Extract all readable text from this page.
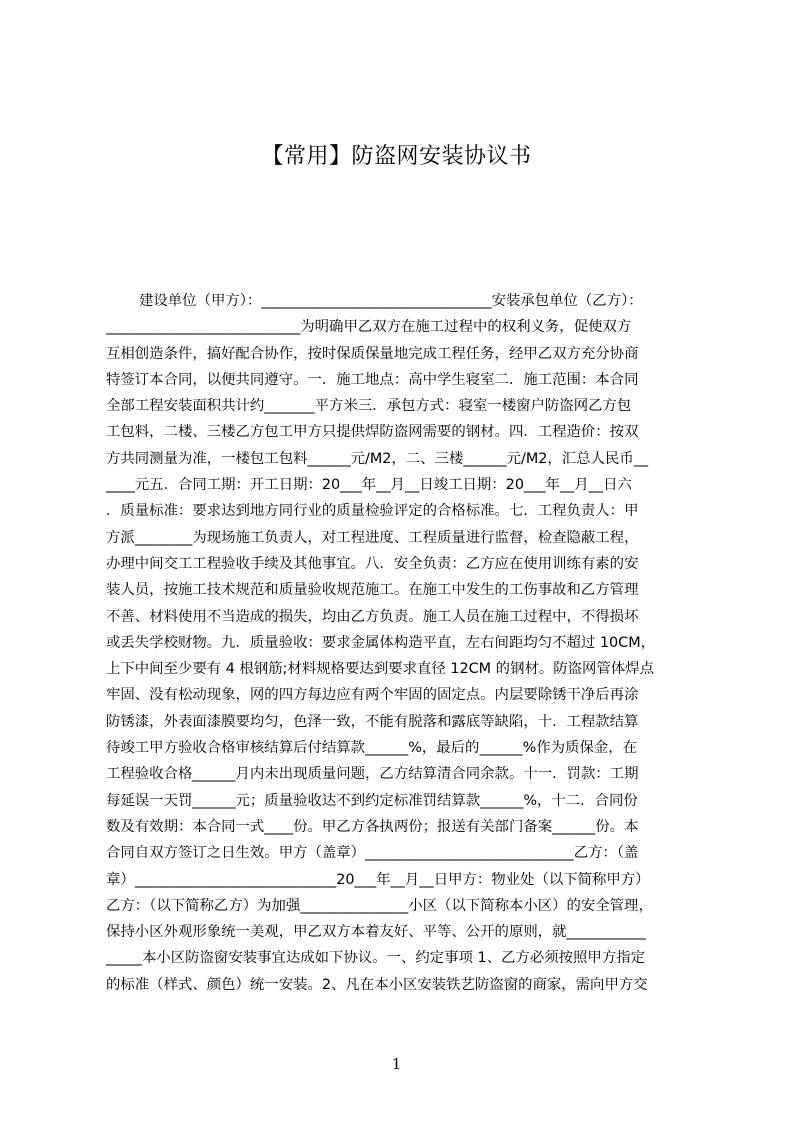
【常用】防盗网安装协议书
建设单位（甲方）：________________________________安装承包单位（乙方）：
___________________________为明确甲乙双方在施工过程中的权利义务，促使双方
互相创造条件，搞好配合协作，按时保质保量地完成工程任务，经甲乙双方充分协商
特签订本合同，以便共同遵守。一．施工地点：高中学生寝室二．施工范围：本合同
全部工程安装面积共计约_______平方米三．承包方式：寝室一楼窗户防盗网乙方包
工包料，二楼、三楼乙方包工甲方只提供焊防盗网需要的钢材。四．工程造价：按双
方共同测量为准，一楼包工包料______元/M2，二、三楼______元/M2，汇总人民币__
____元五．合同工期：开工日期：20___年__月__日竣工日期：20___年__月__日六
．质量标准：要求达到地方同行业的质量检验评定的合格标准。七．工程负责人：甲
方派________为现场施工负责人，对工程进度、工程质量进行监督，检查隐蔽工程，
办理中间交工工程验收手续及其他事宜。八．安全负责：乙方应在使用训练有素的安
装人员，按施工技术规范和质量验收规范施工。在施工中发生的工伤事故和乙方管理
不善、材料使用不当造成的损失，均由乙方负责。施工人员在施工过程中，不得损坏
或丢失学校财物。九．质量验收：要求金属体构造平直，左右间距均匀不超过 10CM，
上下中间至少要有 4 根钢筋;材料规格要达到要求直径 12CM 的钢材。防盗网管体焊点
牢固、没有松动现象，网的四方每边应有两个牢固的固定点。内层要除锈干净后再涂
防锈漆，外表面漆膜要均匀，色泽一致，不能有脱落和露底等缺陷，十．工程款结算
待竣工甲方验收合格审核结算后付结算款______%，最后的______%作为质保金，在
工程验收合格______月内未出现质量问题，乙方结算清合同余款。十一．罚款：工期
每延误一天罚______元；质量验收达不到约定标准罚结算款______%，十二．合同份
数及有效期：本合同一式____份。甲乙方各执两份；报送有关部门备案______份。本
合同自双方签订之日生效。甲方（盖章）_____________________________乙方：（盖
章）____________________________20___年__月__日甲方：物业处（以下简称甲方）
乙方：（以下简称乙方）为加强_______________小区（以下简称本小区）的安全管理，
保持小区外观形象统一美观，甲乙双方本着友好、平等、公开的原则，就___________
_____本小区防盗窗安装事宜达成如下协议。一、约定事项 1、乙方必须按照甲方指定
的标准（样式、颜色）统一安装。2、凡在本小区安装铁艺防盗窗的商家，需向甲方交
1
